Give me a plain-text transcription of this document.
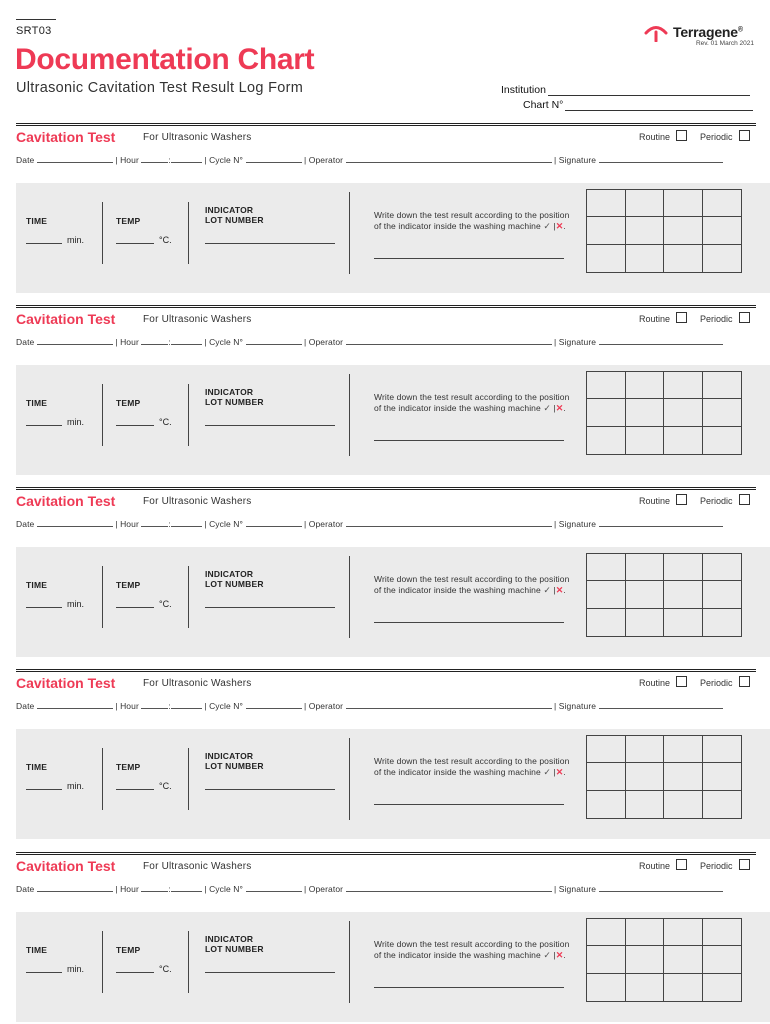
SRT03
Documentation Chart
Ultrasonic Cavitation Test Result Log Form
Terragene®
Rev. 01 March 2021
Institution
Chart N°
Cavitation Test	For Ultrasonic Washers	Routine	Periodic
Date	| Hour	:	| Cycle N°	| Operator	| Signature
TIME
min.
TEMP
°C.
INDICATOR
LOT NUMBER	Write down the test result according to the position of the indicator inside the washing machine ✓ |✕.
Cavitation Test	For Ultrasonic Washers	Routine	Periodic
Date	| Hour	:	| Cycle N°	| Operator	| Signature
TIME
min.
TEMP
°C.
INDICATOR
LOT NUMBER	Write down the test result according to the position of the indicator inside the washing machine ✓ |✕.
Cavitation Test	For Ultrasonic Washers	Routine	Periodic
Date	| Hour	:	| Cycle N°	| Operator	| Signature
TIME
min.
TEMP
°C.
INDICATOR
LOT NUMBER	Write down the test result according to the position of the indicator inside the washing machine ✓ |✕.
Cavitation Test	For Ultrasonic Washers	Routine	Periodic
Date	| Hour	:	| Cycle N°	| Operator	| Signature
TIME
min.
TEMP
°C.
INDICATOR
LOT NUMBER	Write down the test result according to the position of the indicator inside the washing machine ✓ |✕.
Cavitation Test	For Ultrasonic Washers	Routine	Periodic
Date	| Hour	:	| Cycle N°	| Operator	| Signature
TIME
min.
TEMP
°C.
INDICATOR
LOT NUMBER	Write down the test result according to the position of the indicator inside the washing machine ✓ |✕.
